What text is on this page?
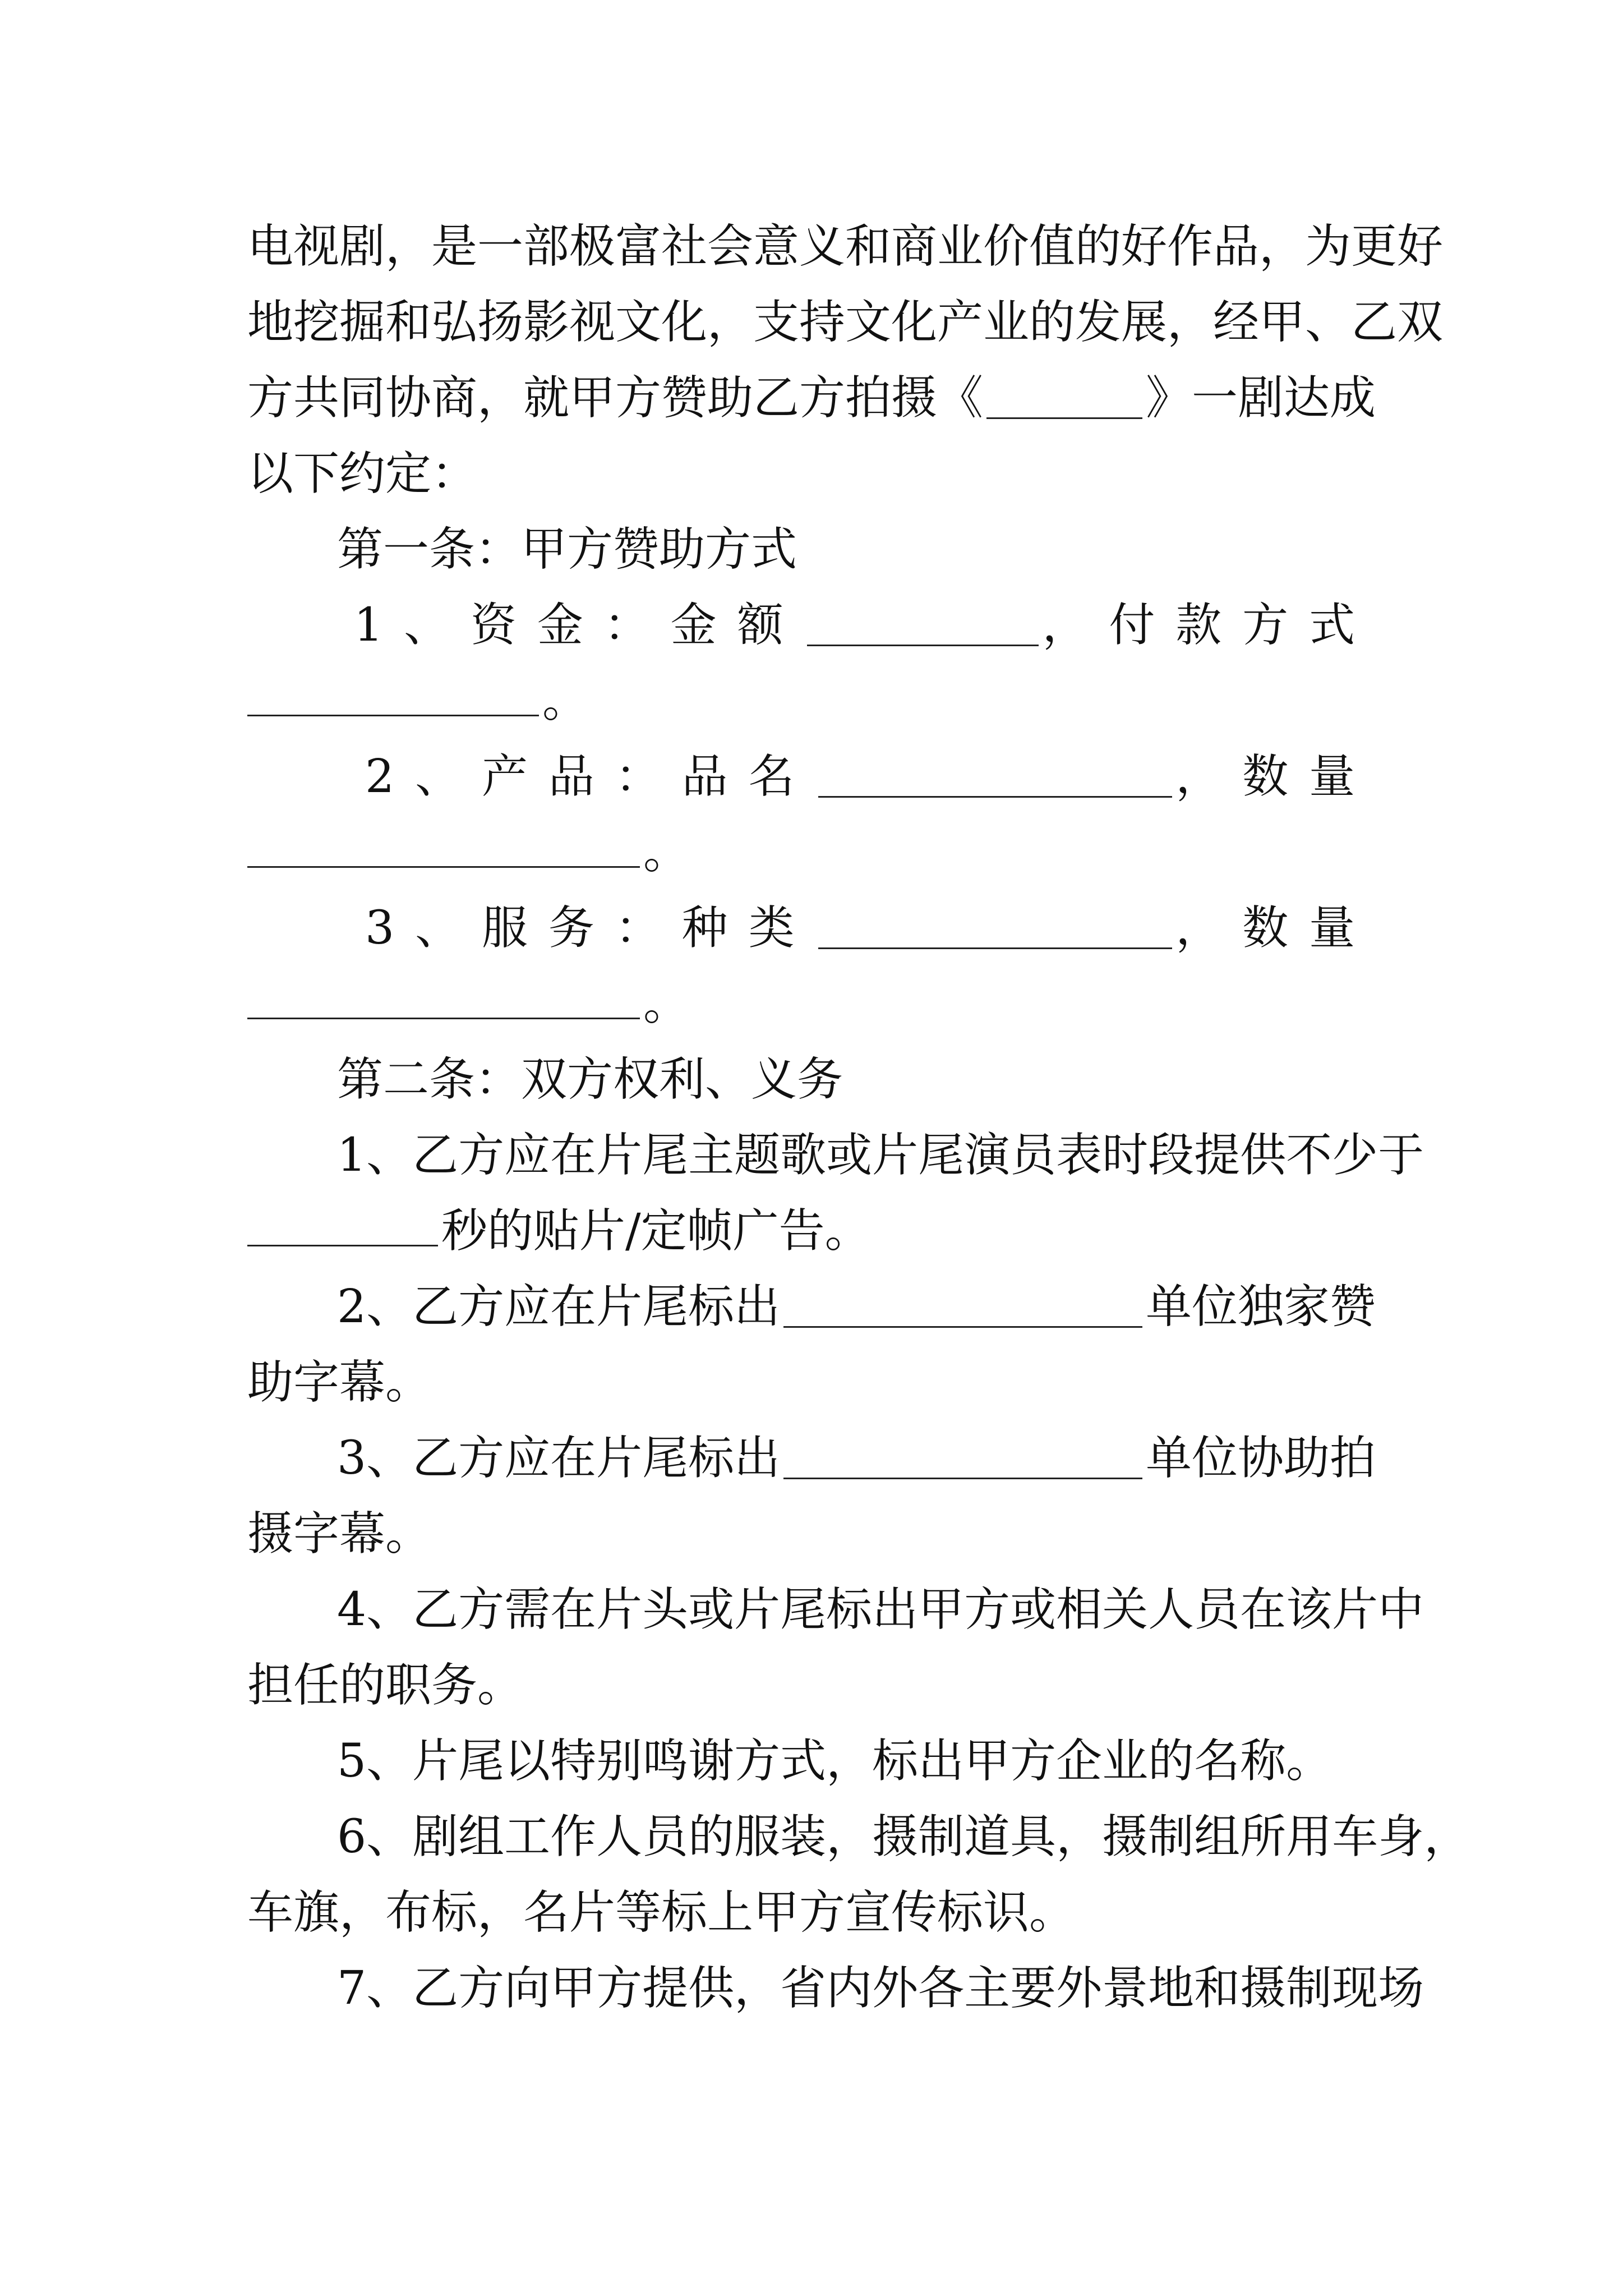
电视剧，是一部极富社会意义和商业价值的好作品，为更好
地挖掘和弘扬影视文化，支持文化产业的发展，经甲、乙双
方共同协商，就甲方赞助乙方拍摄《	》一剧达成
以下约定：
第一条：甲方赞助方式
1、资金：金额	，付款方式
。
2、产品：品名	，数量
。
3、服务：种类	，数量
。
第二条：双方权利、义务
1、乙方应在片尾主题歌或片尾演员表时段提供不少于
秒的贴片/定帧广告。
2、乙方应在片尾标出	单位独家赞
助字幕。
3、乙方应在片尾标出	单位协助拍
摄字幕。
4、乙方需在片头或片尾标出甲方或相关人员在该片中
担任的职务。
5、片尾以特别鸣谢方式，标出甲方企业的名称。
6、剧组工作人员的服装，摄制道具，摄制组所用车身，
车旗，布标，名片等标上甲方宣传标识。
7、乙方向甲方提供，省内外各主要外景地和摄制现场
